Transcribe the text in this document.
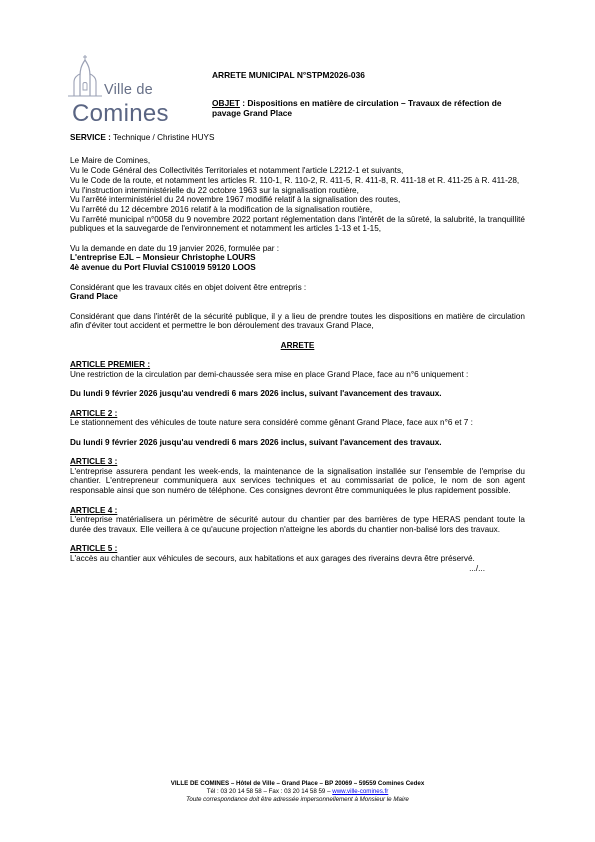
Ville de
Comines
ARRETE MUNICIPAL N°STPM2026-036
OBJET : Dispositions en matière de circulation – Travaux de réfection de pavage Grand Place

SERVICE : Technique / Christine HUYS

Le Maire de Comines,

Vu le Code Général des Collectivités Territoriales et notamment l'article L2212-1 et suivants,

Vu le Code de la route, et notamment les articles R. 110-1, R. 110-2, R. 411-5, R. 411-8, R. 411-18 et R. 411-25 à R. 411-28,

Vu l'instruction interministérielle du 22 octobre 1963 sur la signalisation routière,

Vu l'arrêté interministériel du 24 novembre 1967 modifié relatif à la signalisation des routes,

Vu l'arrêté du 12 décembre 2016 relatif à la modification de la signalisation routière,

Vu l'arrêté municipal n°0058 du 9 novembre 2022 portant réglementation dans l'intérêt de la sûreté, la salubrité, la tranquillité publiques et la sauvegarde de l'environnement et notamment les articles 1-13 et 1-15,

Vu la demande en date du 19 janvier 2026, formulée par :

L'entreprise EJL – Monsieur Christophe LOURS

4è avenue du Port Fluvial CS10019 59120 LOOS

Considérant que les travaux cités en objet doivent être entrepris :

Grand Place

Considérant que dans l'intérêt de la sécurité publique, il y a lieu de prendre toutes les dispositions en matière de circulation afin d'éviter tout accident et permettre le bon déroulement des travaux Grand Place,

ARRETE

ARTICLE PREMIER :

Une restriction de la circulation par demi-chaussée sera mise en place Grand Place, face au n°6 uniquement :

Du lundi 9 février 2026 jusqu'au vendredi 6 mars 2026 inclus, suivant l'avancement des travaux.

ARTICLE 2 :

Le stationnement des véhicules de toute nature sera considéré comme gênant Grand Place, face aux n°6 et 7 :

Du lundi 9 février 2026 jusqu'au vendredi 6 mars 2026 inclus, suivant l'avancement des travaux.

ARTICLE 3 :

L'entreprise assurera pendant les week-ends, la maintenance de la signalisation installée sur l'ensemble de l'emprise du chantier. L'entrepreneur communiquera aux services techniques et au commissariat de police, le nom de son agent responsable ainsi que son numéro de téléphone. Ces consignes devront être communiquées le plus rapidement possible.

ARTICLE 4 :

L'entreprise matérialisera un périmètre de sécurité autour du chantier par des barrières de type HERAS pendant toute la durée des travaux. Elle veillera à ce qu'aucune projection n'atteigne les abords du chantier non-balisé lors des travaux.

ARTICLE 5 :

L'accès au chantier aux véhicules de secours, aux habitations et aux garages des riverains devra être préservé.

.../...

VILLE DE COMINES – Hôtel de Ville – Grand Place – BP 20069 – 59559 Comines Cedex
Tél : 03 20 14 58 58 – Fax : 03 20 14 58 59 – www.ville-comines.fr
Toute correspondance doit être adressée impersonnellement à Monsieur le Maire
